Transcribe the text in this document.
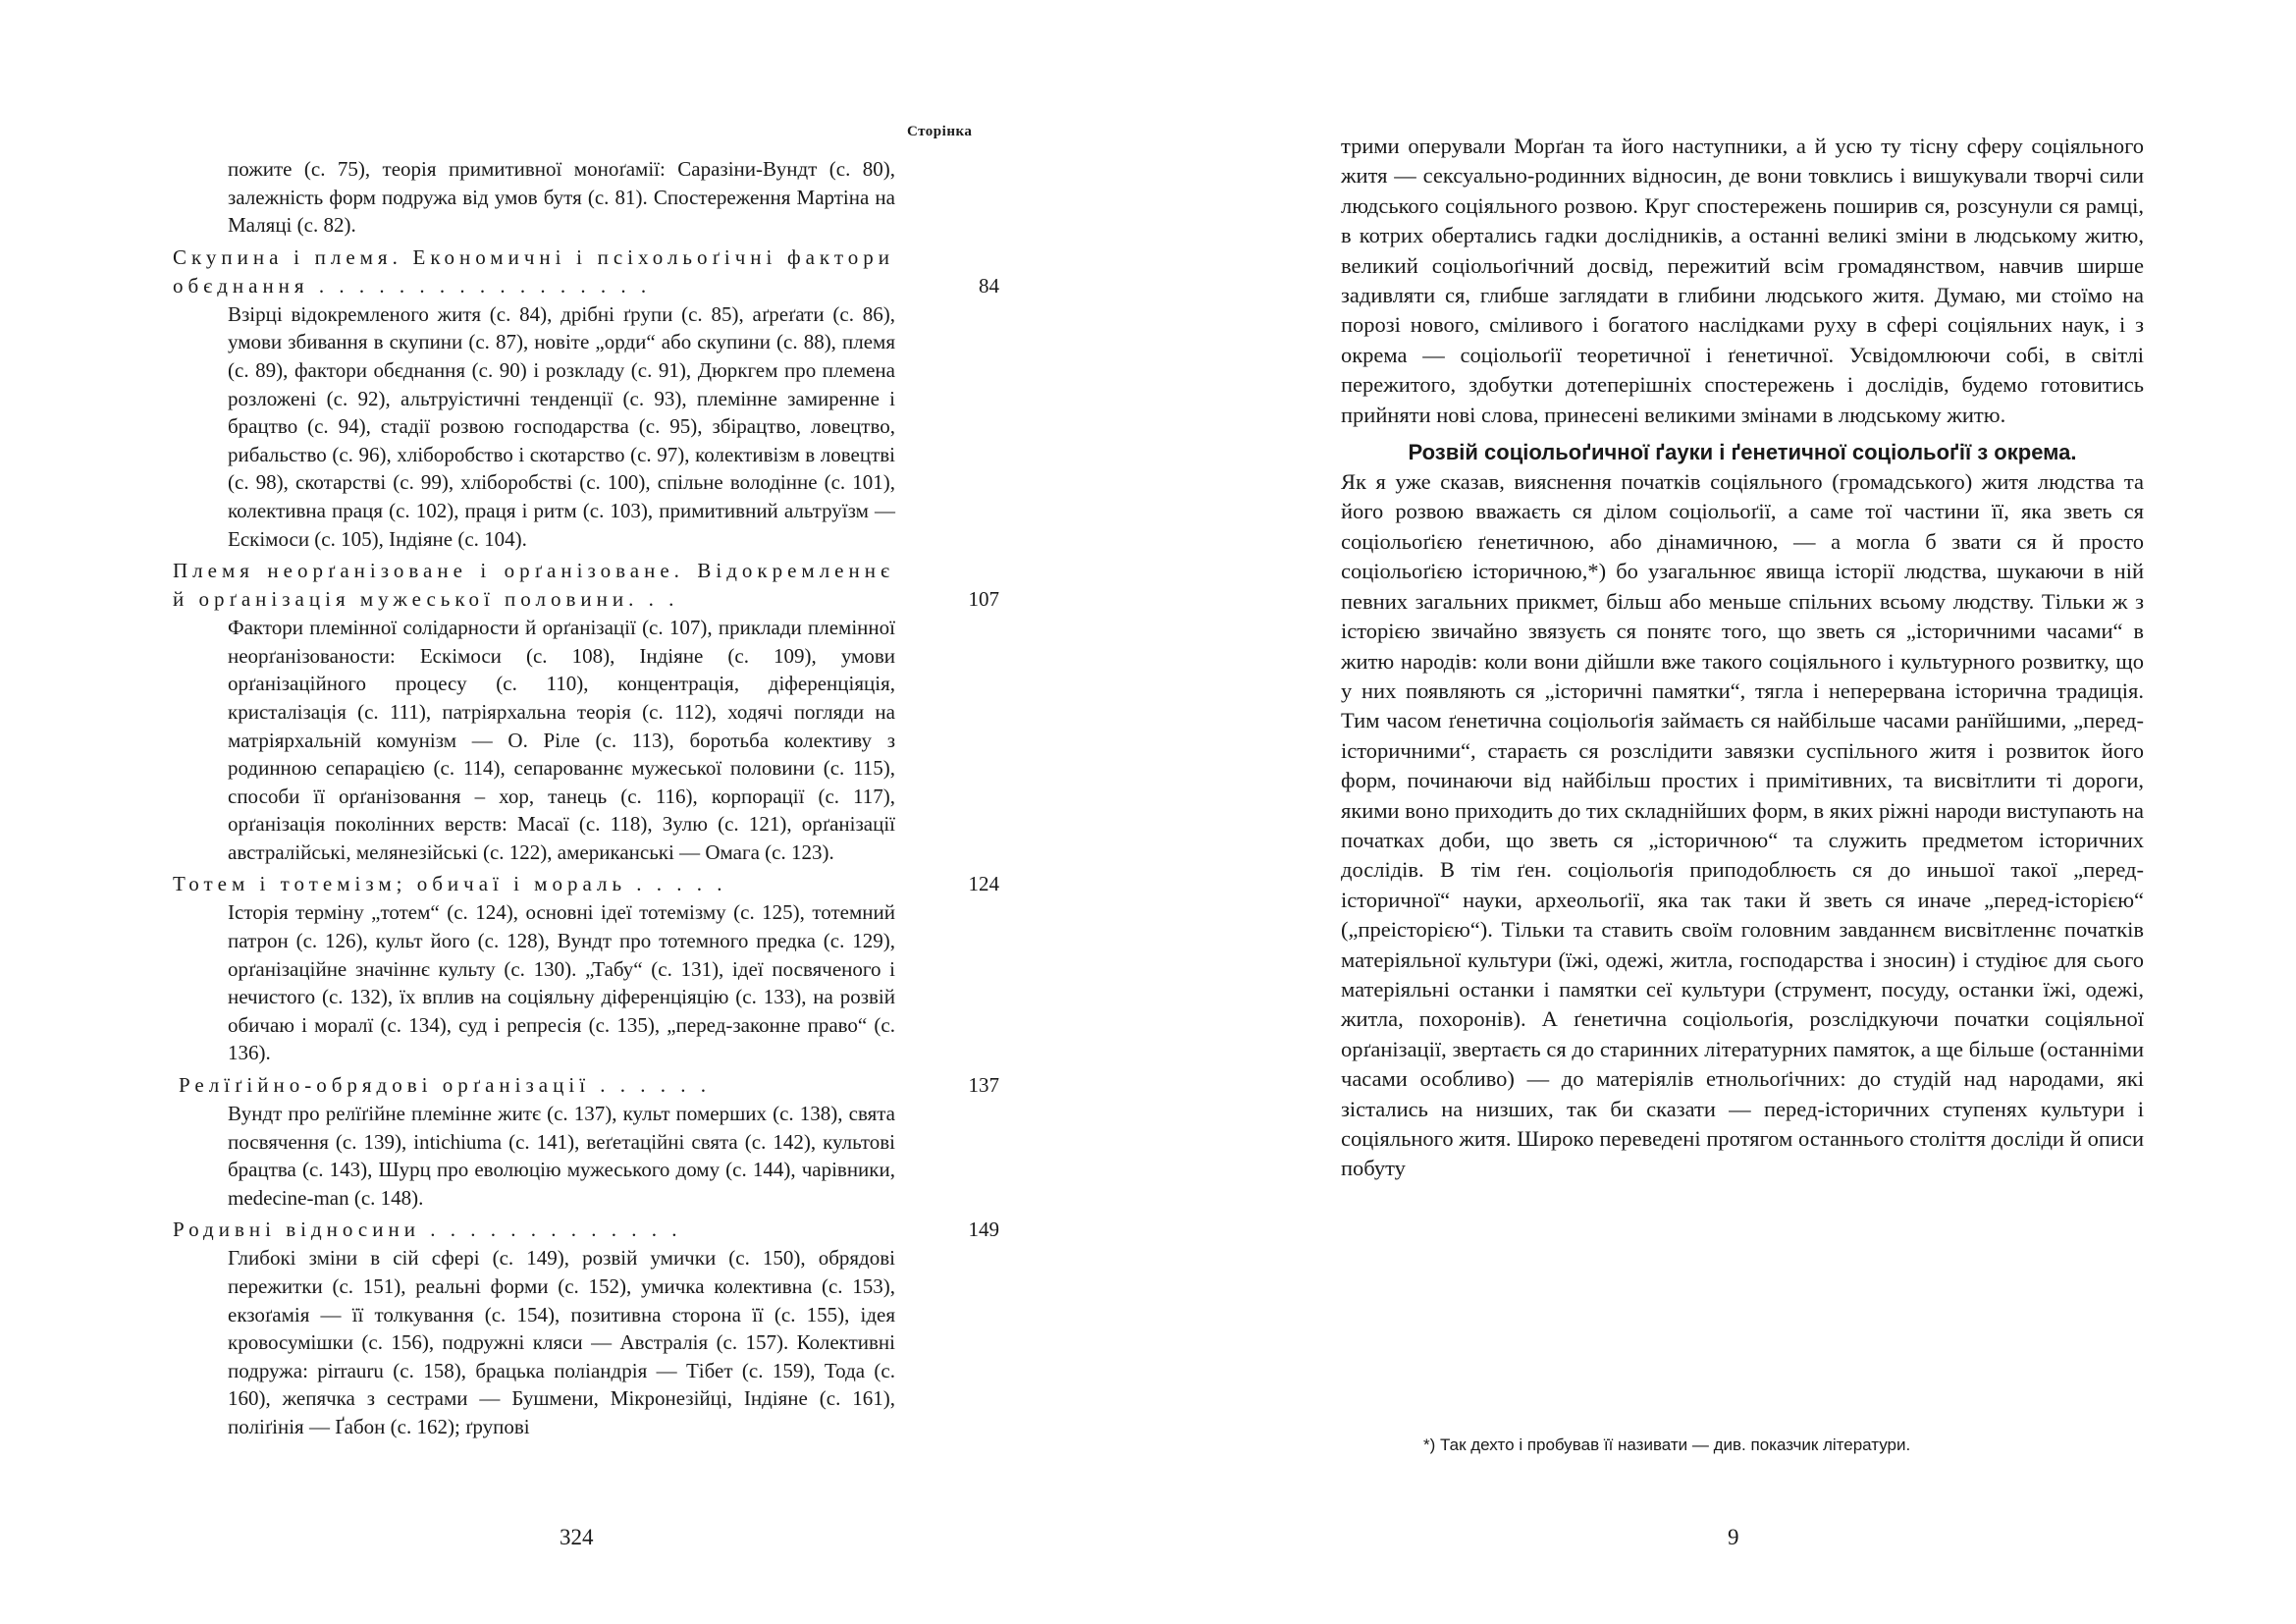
Сторінка
пожите (с. 75), теорія примитивної моноґамії: Саразіни-Вундт (с. 80), залежність форм подружа від умов бутя (с. 81). Спостереження Мартіна на Маляці (с. 82).
84
Скупина і племя. Економичні і псіхольоґічні фактори обєднання . . . . . . . . . . . . . . . . .
Взірці відокремленого житя (с. 84), дрібні ґрупи (с. 85), аґреґати (с. 86), умови збивання в скупини (с. 87), новіте „орди“ або скупини (с. 88), племя (с. 89), фактори обєднання (с. 90) і розкладу (с. 91), Дюркгем про племена розложені (с. 92), альтруістичні тенденції (с. 93), племінне замиренне і брацтво (с. 94), стадії розвою господарства (с. 95), збірацтво, ловецтво, рибальство (с. 96), хліборобство і скотарство (с. 97), колективізм в ловецтві (с. 98), скотарстві (с. 99), хліборобстві (с. 100), спільне володінне (с. 101), колективна праця (с. 102), праця і ритм (с. 103), примитивний альтруїзм — Ескімоси (с. 105), Індіяне (с. 104).
107
Племя неорґанізоване і орґанізоване. Відокремленнє й орґанізація мужеської половини. . .
Фактори племінної солідарности й орґанізації (с. 107), приклади племінної неорґанізованости: Ескімоси (с. 108), Індіяне (с. 109), умови орґанізаційного процесу (с. 110), концентрація, діференціяція, кристалізація (с. 111), патріярхальна теорія (с. 112), ходячі погляди на матріярхальній комунізм — О. Ріле (с. 113), боротьба колективу з родинною сепарацією (с. 114), сепарованнє мужеської половини (с. 115), способи її орґанізовання – хор, танець (с. 116), корпорації (с. 117), орґанізація поколінних верств: Масаї (с. 118), Зулю (с. 121), орґанізації австралійські, мелянезійські (с. 122), американські — Омага (с. 123).
124
Тотем і тотемізм; обичаї і мораль . . . . .
Історія терміну „тотем“ (с. 124), основні ідеї тотемізму (с. 125), тотемний патрон (с. 126), культ його (с. 128), Вундт про тотемного предка (с. 129), орґанізаційне значіннє культу (с. 130). „Табу“ (с. 131), ідеї посвяченого і нечистого (с. 132), їх вплив на соціяльну діференціяцію (с. 133), на розвій обичаю і моралї (с. 134), суд і репресія (с. 135), „перед-законне право“ (с. 136).
137
Релїґійно-обрядові орґанізації . . . . . .
Вундт про релїґійне племінне житє (с. 137), культ померших (с. 138), свята посвячення (с. 139), intichiuma (с. 141), веґетаційні свята (с. 142), культові брацтва (с. 143), Шурц про еволюцію мужеського дому (с. 144), чарівники, medecine-man (с. 148).
149
Родивні відносини . . . . . . . . . . . . .
Глибокі зміни в сій сфері (с. 149), розвій умички (с. 150), обрядові пережитки (с. 151), реальні форми (с. 152), умичка колективна (с. 153), екзоґамія — її толкування (с. 154), позитивна сторона її (с. 155), ідея кровосумішки (с. 156), подружні кляси — Австралія (с. 157). Колективні подружа: pirrauru (с. 158), брацька поліандрія — Тібет (с. 159), Тода (с. 160), жепячка з сестрами — Бушмени, Мікронезійці, Індіяне (с. 161), поліґінія — Ґабон (с. 162); ґрупові
324

трими оперували Морґан та його наступники, а й усю ту тісну сферу соціяльного житя — сексуально-родинних відносин, де вони товклись і вишукували творчі сили людського соціяльного розвою. Круг спостережень поширив ся, розсунули ся рамці, в котрих обертались гадки дослідників, а останні великі зміни в людському житю, великий соціольоґічний досвід, пережитий всім громадянством, навчив ширше задивляти ся, глибше заглядати в глибини людського житя. Думаю, ми стоїмо на порозі нового, сміливого і богатого наслідками руху в сфері соціяльних наук, і з окрема — соціольоґії теоретичної і ґенетичної. Усвідомлюючи собі, в світлі пережитого, здобутки дотеперішніх спостережень і дослідів, будемо готовитись прийняти нові слова, принесені великими змінами в людському житю.

Розвій соціольоґичної ґауки і ґенетичної соціольоґії з окрема.

Як я уже сказав, вияснення початків соціяльного (громадського) житя людства та його розвою вважаєть ся ділом соціольоґії, а саме тої частини її, яка зветь ся соціольоґією ґенетичною, або дінамичною, — а могла б звати ся й просто соціольоґією історичною,*) бо узагальнює явища історії людства, шукаючи в ній певних загальних прикмет, більш або меньше спільних всьому людству. Тільки ж з історією звичайно звязуєть ся понятє того, що зветь ся „історичними часами“ в житю народів: коли вони дійшли вже такого соціяльного і культурного розвитку, що у них появляють ся „історичні памятки“, тягла і неперервана історична традиція. Тим часом ґенетична соціольоґія займаєть ся найбільше часами ранїйшими, „перед-історичними“, стараєть ся розслідити завязки суспільного житя і розвиток його форм, починаючи від найбільш простих і примітивних, та висвітлити ті дороги, якими воно приходить до тих складнійших форм, в яких ріжні народи виступають на початках доби, що зветь ся „історичною“ та служить предметом історичних дослідів. В тім ґен. соціольоґія приподоблюєть ся до иньшої такої „перед-історичної“ науки, археольоґії, яка так таки й зветь ся иначе „перед-історією“ („преісторією“). Тільки та ставить своїм головним завданнєм висвітленнє початків матеріяльної культури (їжі, одежі, житла, господарства і зносин) і студіює для сього матеріяльні останки і памятки сеї культури (струмент, посуду, останки їжі, одежі, житла, похоронів). А ґенетична соціольоґія, розслідкуючи початки соціяльної орґанізації, звертаєть ся до старинних літературних памяток, а ще більше (останніми часами особливо) — до матеріялів етнольоґічних: до студій над народами, які зістались на низших, так би сказати — перед-історичних ступенях культури і соціяльного житя. Широко переведені протягом останнього століття досліди й описи побуту

*) Так дехто і пробував її називати — див. показчик літератури.
9
